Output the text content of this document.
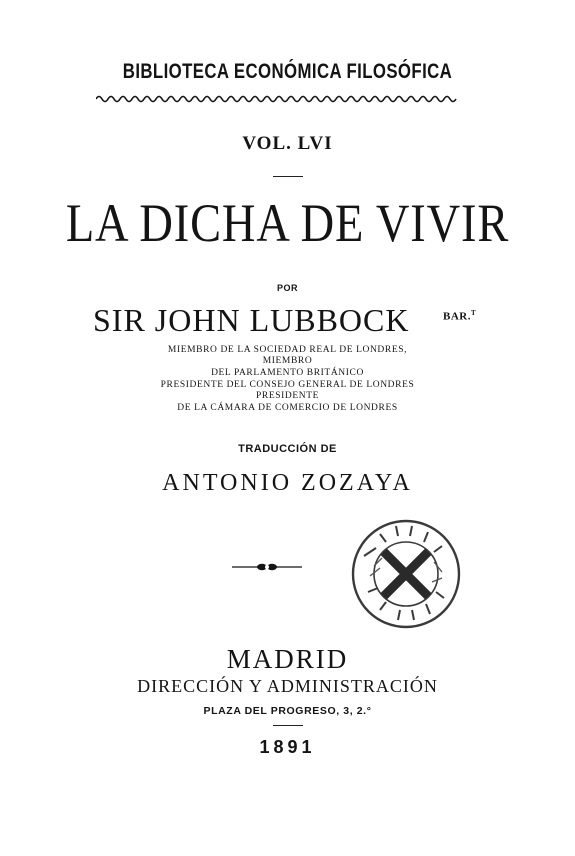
BIBLIOTECA ECONÓMICA FILOSÓFICA
VOL. LVI
LA DICHA DE VIVIR
POR
SIR JOHN LUBBOCK	BAR.$^T$
MIEMBRO DE LA SOCIEDAD REAL DE LONDRES,
MIEMBRO
DEL PARLAMENTO BRITÁNICO
PRESIDENTE DEL CONSEJO GENERAL DE LONDRES
PRESIDENTE
DE LA CÁMARA DE COMERCIO DE LONDRES
TRADUCCIÓN DE
ANTONIO ZOZAYA
MADRID
DIRECCIÓN Y ADMINISTRACIÓN
PLAZA DEL PROGRESO, 3, 2.°
1891
